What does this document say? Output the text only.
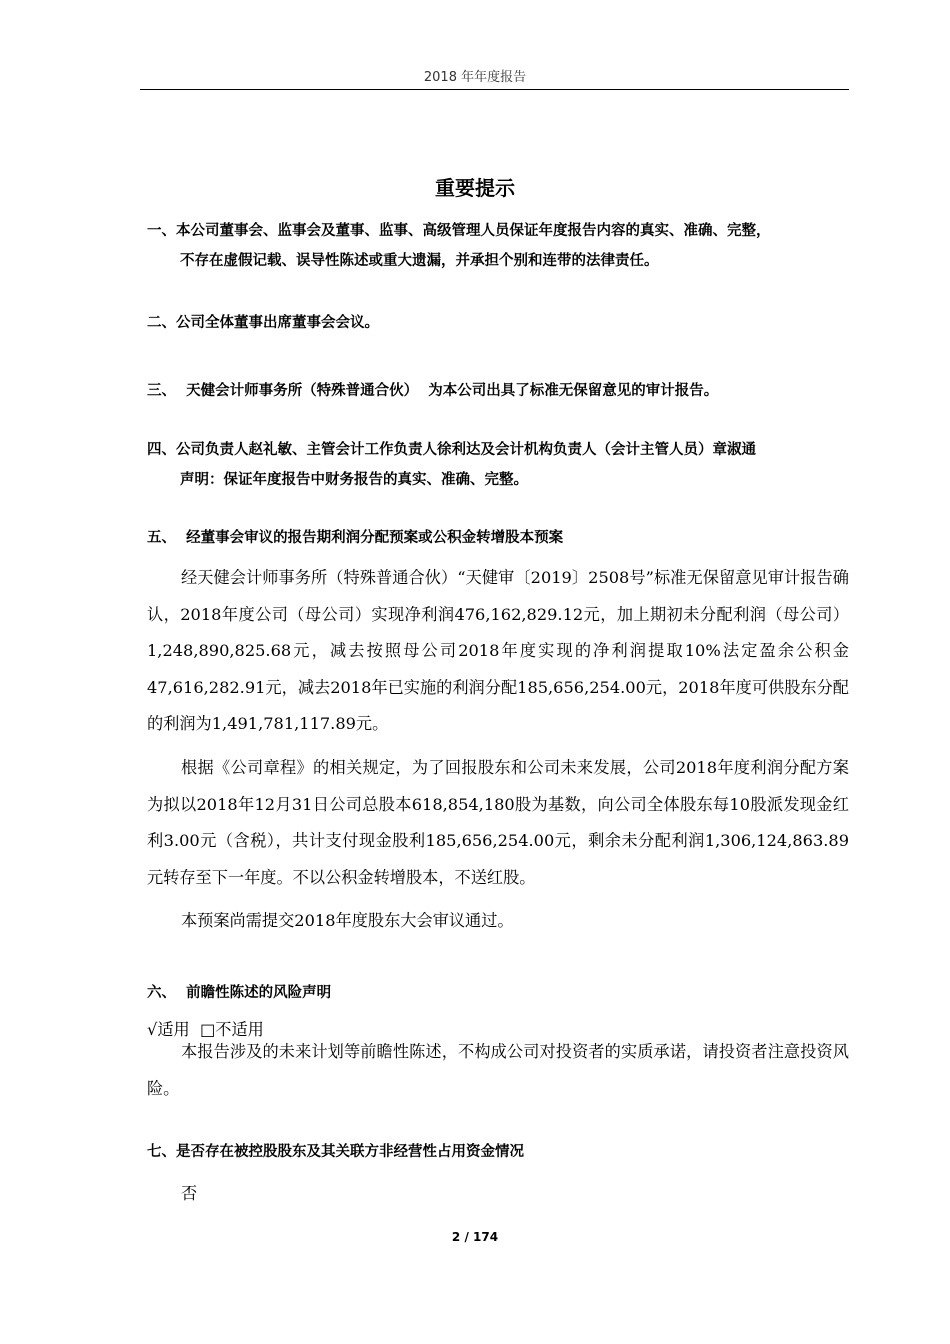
2018 年年度报告
重要提示
一、本公司董事会、监事会及董事、监事、高级管理人员保证年度报告内容的真实、准确、完整，
不存在虚假记载、误导性陈述或重大遗漏，并承担个别和连带的法律责任。
二、公司全体董事出席董事会会议。
三、  天健会计师事务所（特殊普通合伙）  为本公司出具了标准无保留意见的审计报告。
四、公司负责人赵礼敏、主管会计工作负责人徐利达及会计机构负责人（会计主管人员）章淑通
声明：保证年度报告中财务报告的真实、准确、完整。
五、  经董事会审议的报告期利润分配预案或公积金转增股本预案
经天健会计师事务所（特殊普通合伙）“天健审〔2019〕2508号”标准无保留意见审计报告确认，2018年度公司（母公司）实现净利润476,162,829.12元，加上期初未分配利润（母公司）1,248,890,825.68元，减去按照母公司2018年度实现的净利润提取10%法定盈余公积金47,616,282.91元，减去2018年已实施的利润分配185,656,254.00元，2018年度可供股东分配的利润为1,491,781,117.89元。
根据《公司章程》的相关规定，为了回报股东和公司未来发展，公司2018年度利润分配方案为拟以2018年12月31日公司总股本618,854,180股为基数，向公司全体股东每10股派发现金红利3.00元（含税），共计支付现金股利185,656,254.00元，剩余未分配利润1,306,124,863.89元转存至下一年度。不以公积金转增股本，不送红股。
本预案尚需提交2018年度股东大会审议通过。
六、  前瞻性陈述的风险声明
√适用  □不适用
本报告涉及的未来计划等前瞻性陈述，不构成公司对投资者的实质承诺，请投资者注意投资风险。
七、是否存在被控股股东及其关联方非经营性占用资金情况
否
2 / 174
